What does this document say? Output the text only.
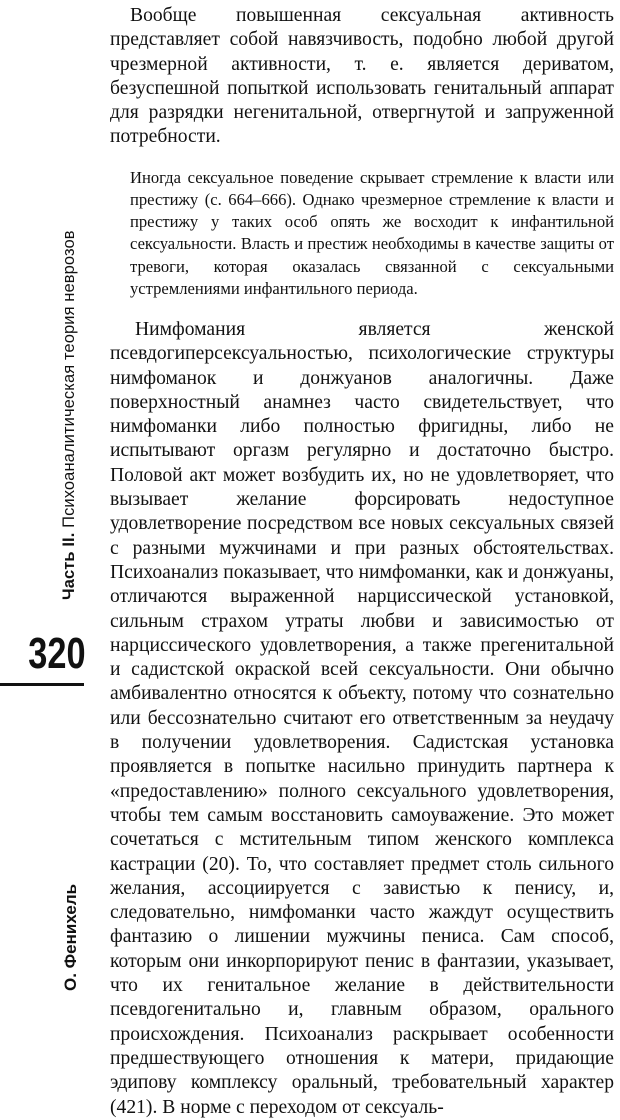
Часть II. Психоаналитическая теория неврозов
320
О. Фенихель

Вообще повышенная сексуальная активность представляет собой навязчивость, подобно любой другой чрезмерной активности, т. е. является дериватом, безуспешной попыткой использовать генитальный аппарат для разрядки негенитальной, отвергнутой и запруженной потребности.

Иногда сексуальное поведение скрывает стремление к власти или престижу (с. 664–666). Однако чрезмерное стремление к власти и престижу у таких особ опять же восходит к инфантильной сексуальности. Власть и престиж необходимы в качестве защиты от тревоги, которая оказалась связанной с сексуальными устремлениями инфантильного периода.

Нимфомания является женской псевдогиперсексуальностью, психологические структуры нимфоманок и донжуанов аналогичны. Даже поверхностный анамнез часто свидетельствует, что нимфоманки либо полностью фригидны, либо не испытывают оргазм регулярно и достаточно быстро. Половой акт может возбудить их, но не удовлетворяет, что вызывает желание форсировать недоступное удовлетворение посредством все новых сексуальных связей с разными мужчинами и при разных обстоятельствах. Психоанализ показывает, что нимфоманки, как и донжуаны, отличаются выраженной нарциссической установкой, сильным страхом утраты любви и зависимостью от нарциссического удовлетворения, а также прегенитальной и садистской окраской всей сексуальности. Они обычно амбивалентно относятся к объекту, потому что сознательно или бессознательно считают его ответственным за неудачу в получении удовлетворения. Садистская установка проявляется в попытке насильно принудить партнера к «предоставлению» полного сексуального удовлетворения, чтобы тем самым восстановить самоуважение. Это может сочетаться с мстительным типом женского комплекса кастрации (20). То, что составляет предмет столь сильного желания, ассоциируется с завистью к пенису, и, следовательно, нимфоманки часто жаждут осуществить фантазию о лишении мужчины пениса. Сам способ, которым они инкорпорируют пенис в фантазии, указывает, что их генитальное желание в действительности псевдогенитально и, главным образом, орального происхождения. Психоанализ раскрывает особенности предшествующего отношения к матери, придающие эдипову комплексу оральный, требовательный характер (421). В норме с переходом от сексуаль-
